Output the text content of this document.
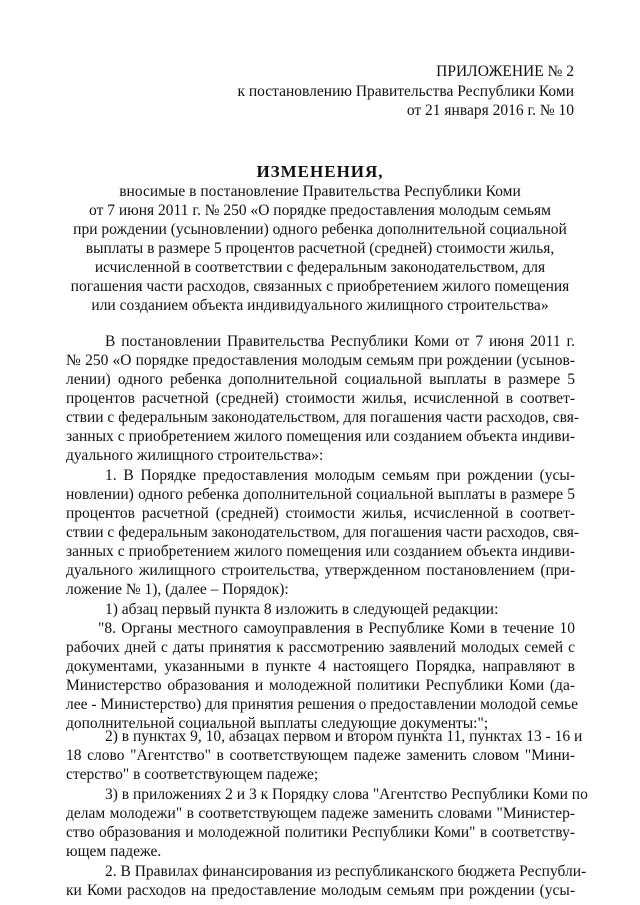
ПРИЛОЖЕНИЕ № 2
к постановлению Правительства Республики Коми
от 21 января 2016 г. № 10
ИЗМЕНЕНИЯ,
вносимые в постановление Правительства Республики Коми
от 7 июня 2011 г. № 250 «О порядке предоставления молодым семьям
при рождении (усыновлении) одного ребенка дополнительной социальной
выплаты в размере 5 процентов расчетной (средней) стоимости жилья,
исчисленной в соответствии с федеральным законодательством, для
погашения части расходов, связанных с приобретением жилого помещения
или созданием объекта индивидуального жилищного строительства»
В постановлении Правительства Республики Коми от 7 июня 2011 г.
№ 250 «О порядке предоставления молодым семьям при рождении (усынов-
лении) одного ребенка дополнительной социальной выплаты в размере 5
процентов расчетной (средней) стоимости жилья, исчисленной в соответ-
ствии с федеральным законодательством, для погашения части расходов, свя-
занных с приобретением жилого помещения или созданием объекта индиви-
дуального жилищного строительства»:
1. В Порядке предоставления молодым семьям при рождении (усы-
новлении) одного ребенка дополнительной социальной выплаты в размере 5
процентов расчетной (средней) стоимости жилья, исчисленной в соответ-
ствии с федеральным законодательством, для погашения части расходов, свя-
занных с приобретением жилого помещения или созданием объекта индиви-
дуального жилищного строительства, утвержденном постановлением (при-
ложение № 1), (далее – Порядок):
1) абзац первый пункта 8 изложить в следующей редакции:
"8. Органы местного самоуправления в Республике Коми в течение 10
рабочих дней с даты принятия к рассмотрению заявлений молодых семей с
документами, указанными в пункте 4 настоящего Порядка, направляют в
Министерство образования и молодежной политики Республики Коми (да-
лее - Министерство) для принятия решения о предоставлении молодой семье
дополнительной социальной выплаты следующие документы:";
2) в пунктах 9, 10, абзацах первом и втором пункта 11, пунктах 13 - 16 и
18 слово "Агентство" в соответствующем падеже заменить словом "Мини-
стерство" в соответствующем падеже;
3) в приложениях 2 и 3 к Порядку слова "Агентство Республики Коми по
делам молодежи" в соответствующем падеже заменить словами "Министер-
ство образования и молодежной политики Республики Коми" в соответству-
ющем падеже.
2. В Правилах финансирования из республиканского бюджета Республи-
ки Коми расходов на предоставление молодым семьям при рождении (усы-
